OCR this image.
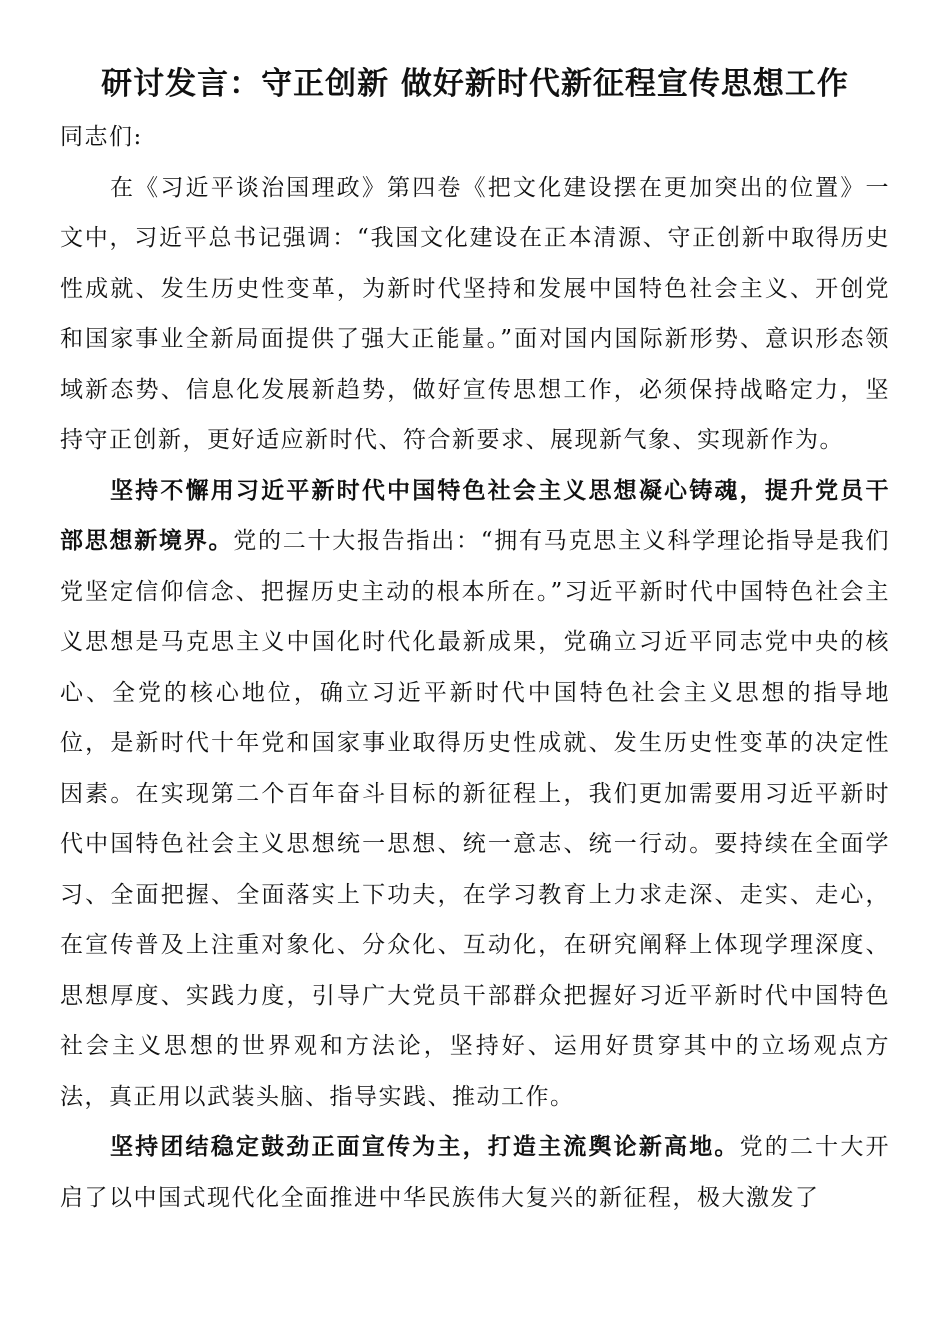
研讨发言：守正创新 做好新时代新征程宣传思想工作

同志们:

在《习近平谈治国理政》第四卷《把文化建设摆在更加突出的位置》一文中，习近平总书记强调：“我国文化建设在正本清源、守正创新中取得历史性成就、发生历史性变革，为新时代坚持和发展中国特色社会主义、开创党和国家事业全新局面提供了强大正能量。”面对国内国际新形势、意识形态领域新态势、信息化发展新趋势，做好宣传思想工作，必须保持战略定力，坚持守正创新，更好适应新时代、符合新要求、展现新气象、实现新作为。

坚持不懈用习近平新时代中国特色社会主义思想凝心铸魂，提升党员干部思想新境界。党的二十大报告指出：“拥有马克思主义科学理论指导是我们党坚定信仰信念、把握历史主动的根本所在。”习近平新时代中国特色社会主义思想是马克思主义中国化时代化最新成果，党确立习近平同志党中央的核心、全党的核心地位，确立习近平新时代中国特色社会主义思想的指导地位，是新时代十年党和国家事业取得历史性成就、发生历史性变革的决定性因素。在实现第二个百年奋斗目标的新征程上，我们更加需要用习近平新时代中国特色社会主义思想统一思想、统一意志、统一行动。要持续在全面学习、全面把握、全面落实上下功夫，在学习教育上力求走深、走实、走心，在宣传普及上注重对象化、分众化、互动化，在研究阐释上体现学理深度、思想厚度、实践力度，引导广大党员干部群众把握好习近平新时代中国特色社会主义思想的世界观和方法论，坚持好、运用好贯穿其中的立场观点方法，真正用以武装头脑、指导实践、推动工作。

坚持团结稳定鼓劲正面宣传为主，打造主流舆论新高地。党的二十大开启了以中国式现代化全面推进中华民族伟大复兴的新征程，极大激发了
